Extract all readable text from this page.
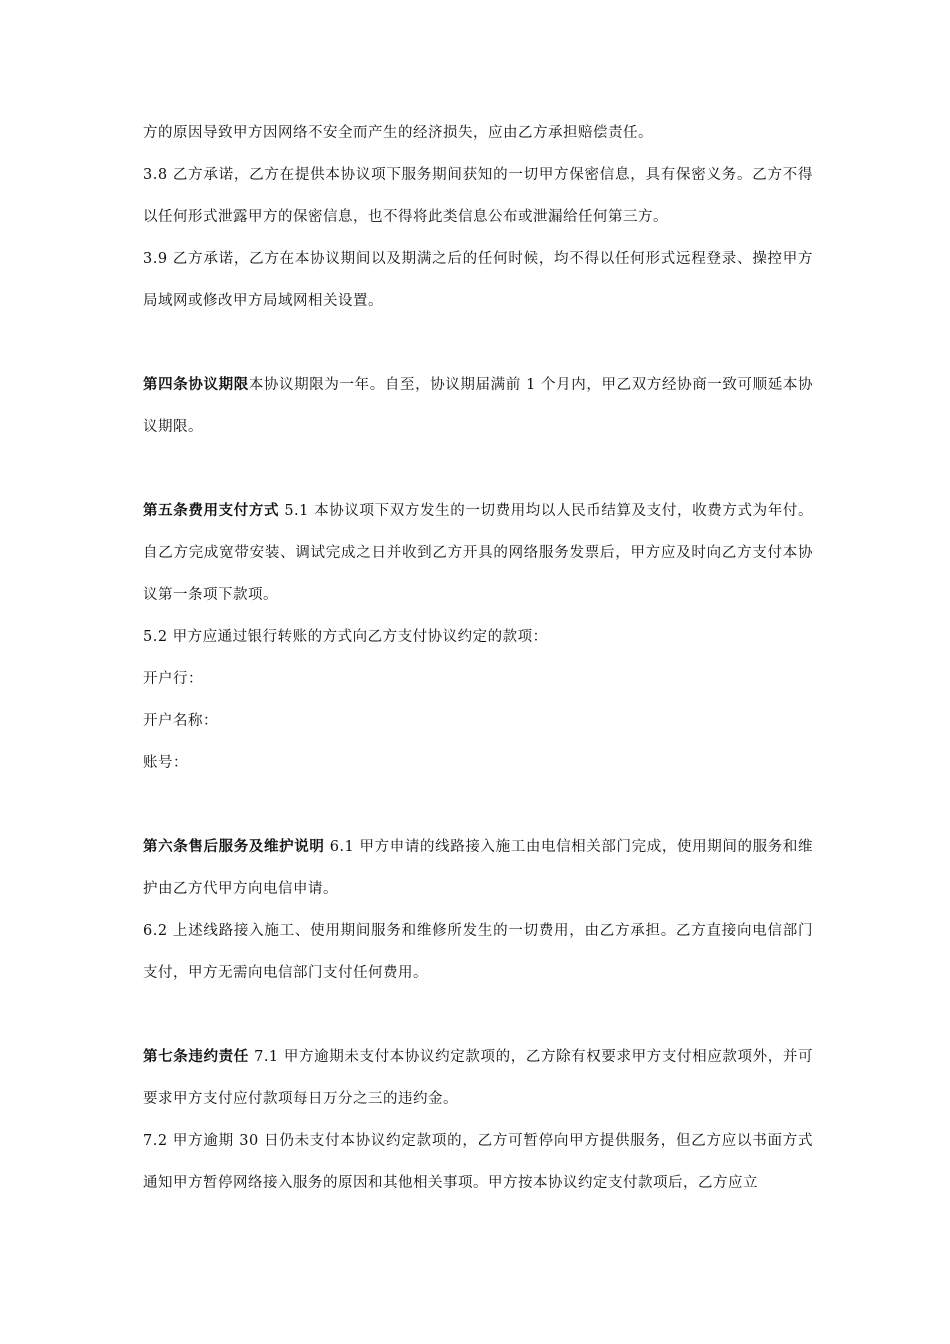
方的原因导致甲方因网络不安全而产生的经济损失，应由乙方承担赔偿责任。

3.8 乙方承诺，乙方在提供本协议项下服务期间获知的一切甲方保密信息，具有保密义务。乙方不得以任何形式泄露甲方的保密信息，也不得将此类信息公布或泄漏给任何第三方。

3.9 乙方承诺，乙方在本协议期间以及期满之后的任何时候，均不得以任何形式远程登录、操控甲方局域网或修改甲方局域网相关设置。

第四条协议期限本协议期限为一年。自至，协议期届满前 1 个月内，甲乙双方经协商一致可顺延本协议期限。

第五条费用支付方式 5.1 本协议项下双方发生的一切费用均以人民币结算及支付，收费方式为年付。自乙方完成宽带安装、调试完成之日并收到乙方开具的网络服务发票后，甲方应及时向乙方支付本协议第一条项下款项。

5.2 甲方应通过银行转账的方式向乙方支付协议约定的款项：

开户行：

开户名称：

账号：

第六条售后服务及维护说明 6.1 甲方申请的线路接入施工由电信相关部门完成，使用期间的服务和维护由乙方代甲方向电信申请。

6.2 上述线路接入施工、使用期间服务和维修所发生的一切费用，由乙方承担。乙方直接向电信部门支付，甲方无需向电信部门支付任何费用。

第七条违约责任 7.1 甲方逾期未支付本协议约定款项的，乙方除有权要求甲方支付相应款项外，并可要求甲方支付应付款项每日万分之三的违约金。

7.2 甲方逾期 30 日仍未支付本协议约定款项的，乙方可暂停向甲方提供服务，但乙方应以书面方式通知甲方暂停网络接入服务的原因和其他相关事项。甲方按本协议约定支付款项后，乙方应立
